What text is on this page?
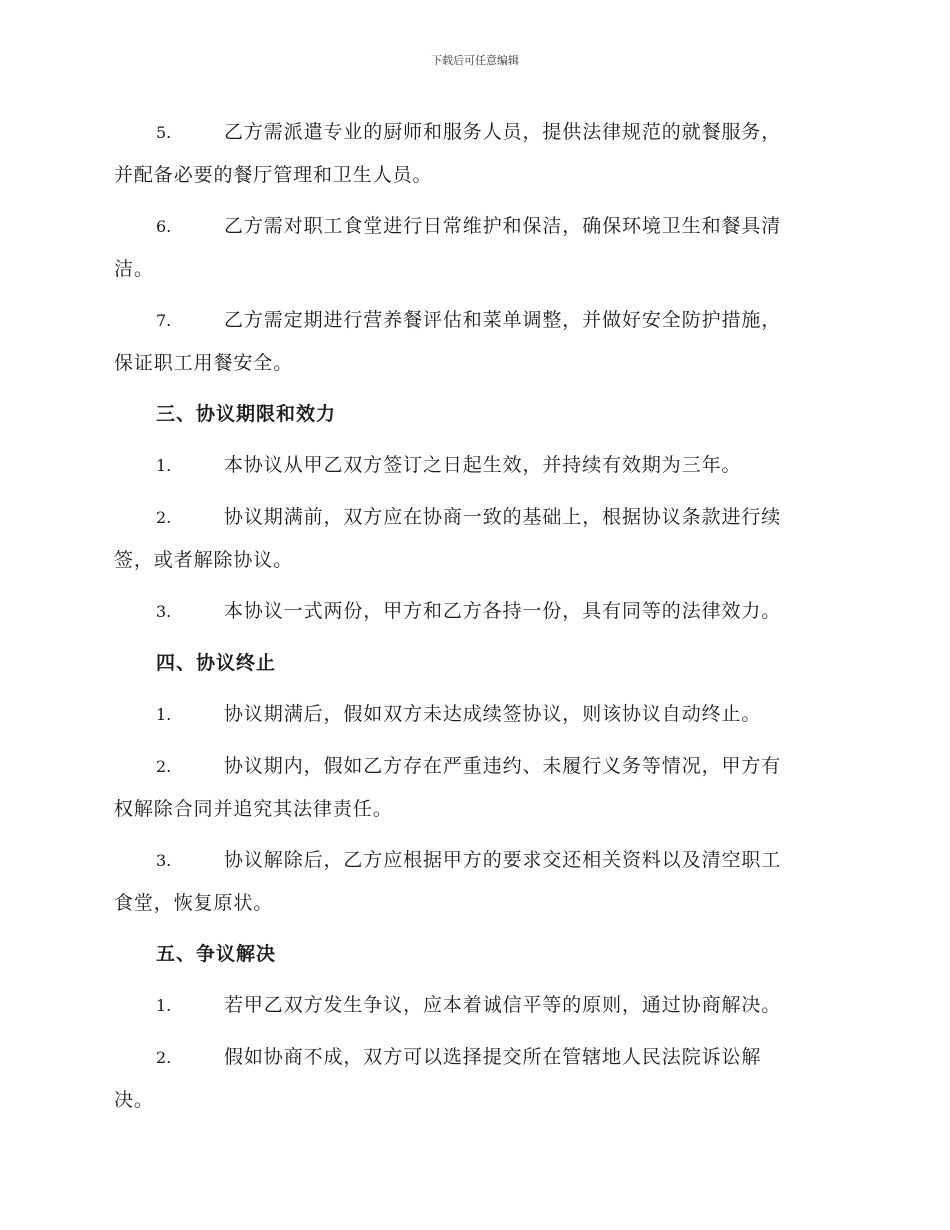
下载后可任意编辑
5.	乙方需派遣专业的厨师和服务人员，提供法律规范的就餐服务，
并配备必要的餐厅管理和卫生人员。
6.	乙方需对职工食堂进行日常维护和保洁，确保环境卫生和餐具清
洁。
7.	乙方需定期进行营养餐评估和菜单调整，并做好安全防护措施，
保证职工用餐安全。
三、协议期限和效力
1.	本协议从甲乙双方签订之日起生效，并持续有效期为三年。
2.	协议期满前，双方应在协商一致的基础上，根据协议条款进行续
签，或者解除协议。
3.	本协议一式两份，甲方和乙方各持一份，具有同等的法律效力。
四、协议终止
1.	协议期满后，假如双方未达成续签协议，则该协议自动终止。
2.	协议期内，假如乙方存在严重违约、未履行义务等情况，甲方有
权解除合同并追究其法律责任。
3.	协议解除后，乙方应根据甲方的要求交还相关资料以及清空职工
食堂，恢复原状。
五、争议解决
1.	若甲乙双方发生争议，应本着诚信平等的原则，通过协商解决。
2.	假如协商不成，双方可以选择提交所在管辖地人民法院诉讼解
决。
